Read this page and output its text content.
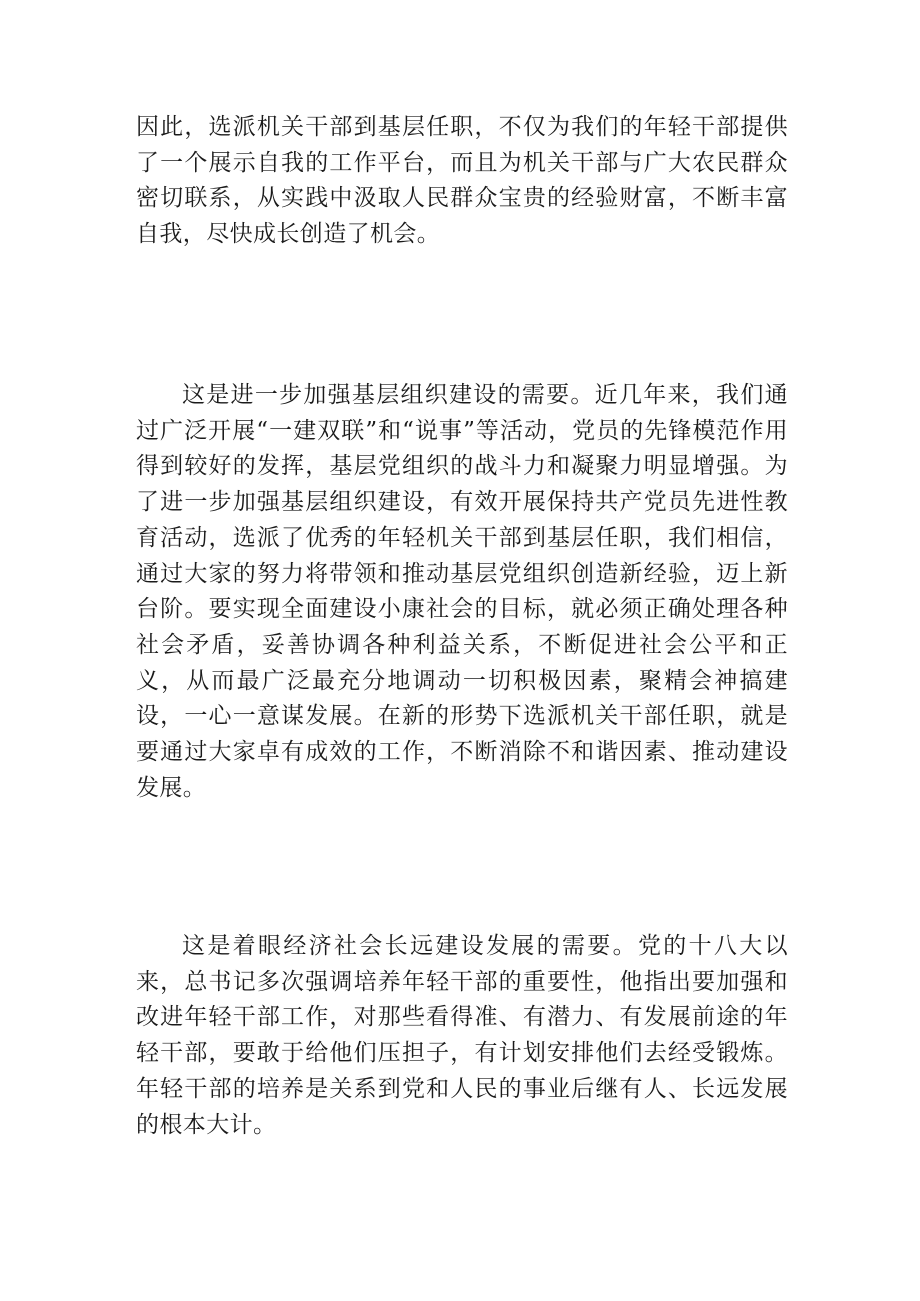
因此，选派机关干部到基层任职，不仅为我们的年轻干部提供了一个展示自我的工作平台，而且为机关干部与广大农民群众密切联系，从实践中汲取人民群众宝贵的经验财富，不断丰富自我，尽快成长创造了机会。

这是进一步加强基层组织建设的需要。近几年来，我们通过广泛开展“一建双联”和“说事”等活动，党员的先锋模范作用得到较好的发挥，基层党组织的战斗力和凝聚力明显增强。为了进一步加强基层组织建设，有效开展保持共产党员先进性教育活动，选派了优秀的年轻机关干部到基层任职，我们相信，通过大家的努力将带领和推动基层党组织创造新经验，迈上新台阶。要实现全面建设小康社会的目标，就必须正确处理各种社会矛盾，妥善协调各种利益关系，不断促进社会公平和正义，从而最广泛最充分地调动一切积极因素，聚精会神搞建设，一心一意谋发展。在新的形势下选派机关干部任职，就是要通过大家卓有成效的工作，不断消除不和谐因素、推动建设发展。

这是着眼经济社会长远建设发展的需要。党的十八大以来，总书记多次强调培养年轻干部的重要性，他指出要加强和改进年轻干部工作，对那些看得准、有潜力、有发展前途的年轻干部，要敢于给他们压担子，有计划安排他们去经受锻炼。年轻干部的培养是关系到党和人民的事业后继有人、长远发展的根本大计。
